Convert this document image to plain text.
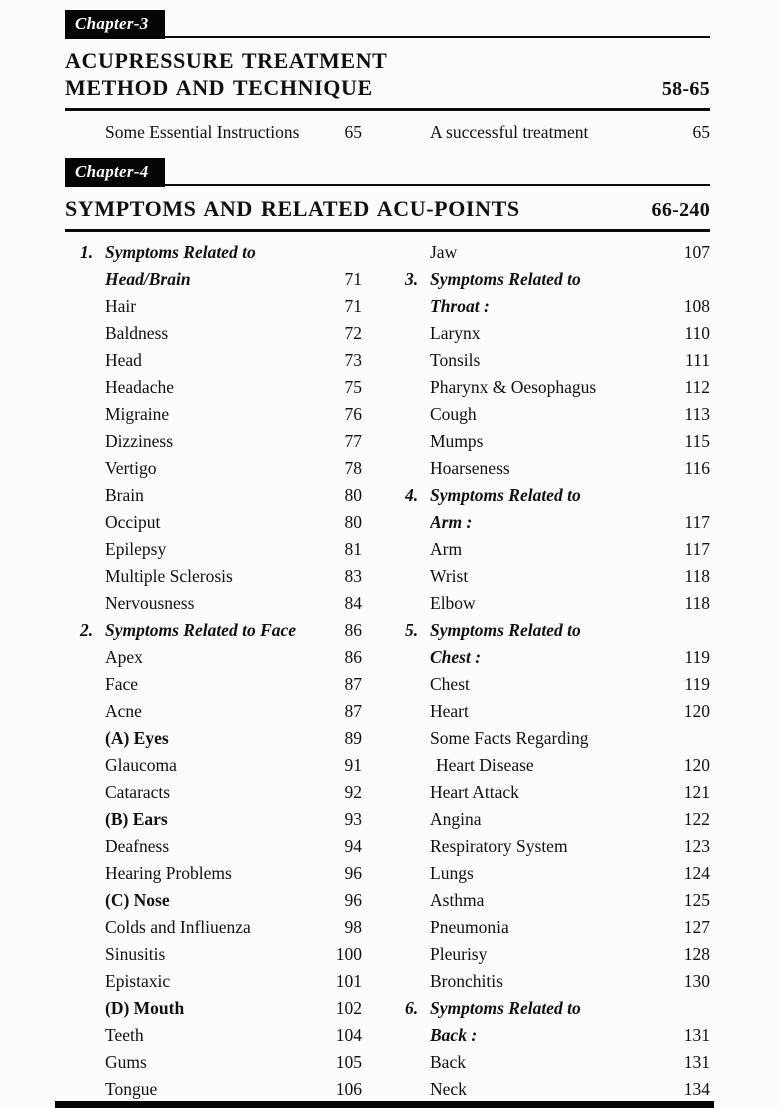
Chapter-3
ACUPRESSURE TREATMENT
METHOD AND TECHNIQUE	58-65
Some Essential Instructions	65	A successful treatment	65
Chapter-4
SYMPTOMS AND RELATED ACU-POINTS	66-240
1. Symptoms Related to
Head/Brain	71
Hair	71
Baldness	72
Head	73
Headache	75
Migraine	76
Dizziness	77
Vertigo	78
Brain	80
Occiput	80
Epilepsy	81
Multiple Sclerosis	83
Nervousness	84
2. Symptoms Related to Face	86
Apex	86
Face	87
Acne	87
(A) Eyes	89
Glaucoma	91
Cataracts	92
(B) Ears	93
Deafness	94
Hearing Problems	96
(C) Nose	96
Colds and Infliuenza	98
Sinusitis	100
Epistaxic	101
(D) Mouth	102
Teeth	104
Gums	105
Tongue	106
Jaw	107
3. Symptoms Related to
Throat :	108
Larynx	110
Tonsils	111
Pharynx & Oesophagus	112
Cough	113
Mumps	115
Hoarseness	116
4. Symptoms Related to
Arm :	117
Arm	117
Wrist	118
Elbow	118
5. Symptoms Related to
Chest :	119
Chest	119
Heart	120
Some Facts Regarding
Heart Disease	120
Heart Attack	121
Angina	122
Respiratory System	123
Lungs	124
Asthma	125
Pneumonia	127
Pleurisy	128
Bronchitis	130
6. Symptoms Related to
Back :	131
Back	131
Neck	134
